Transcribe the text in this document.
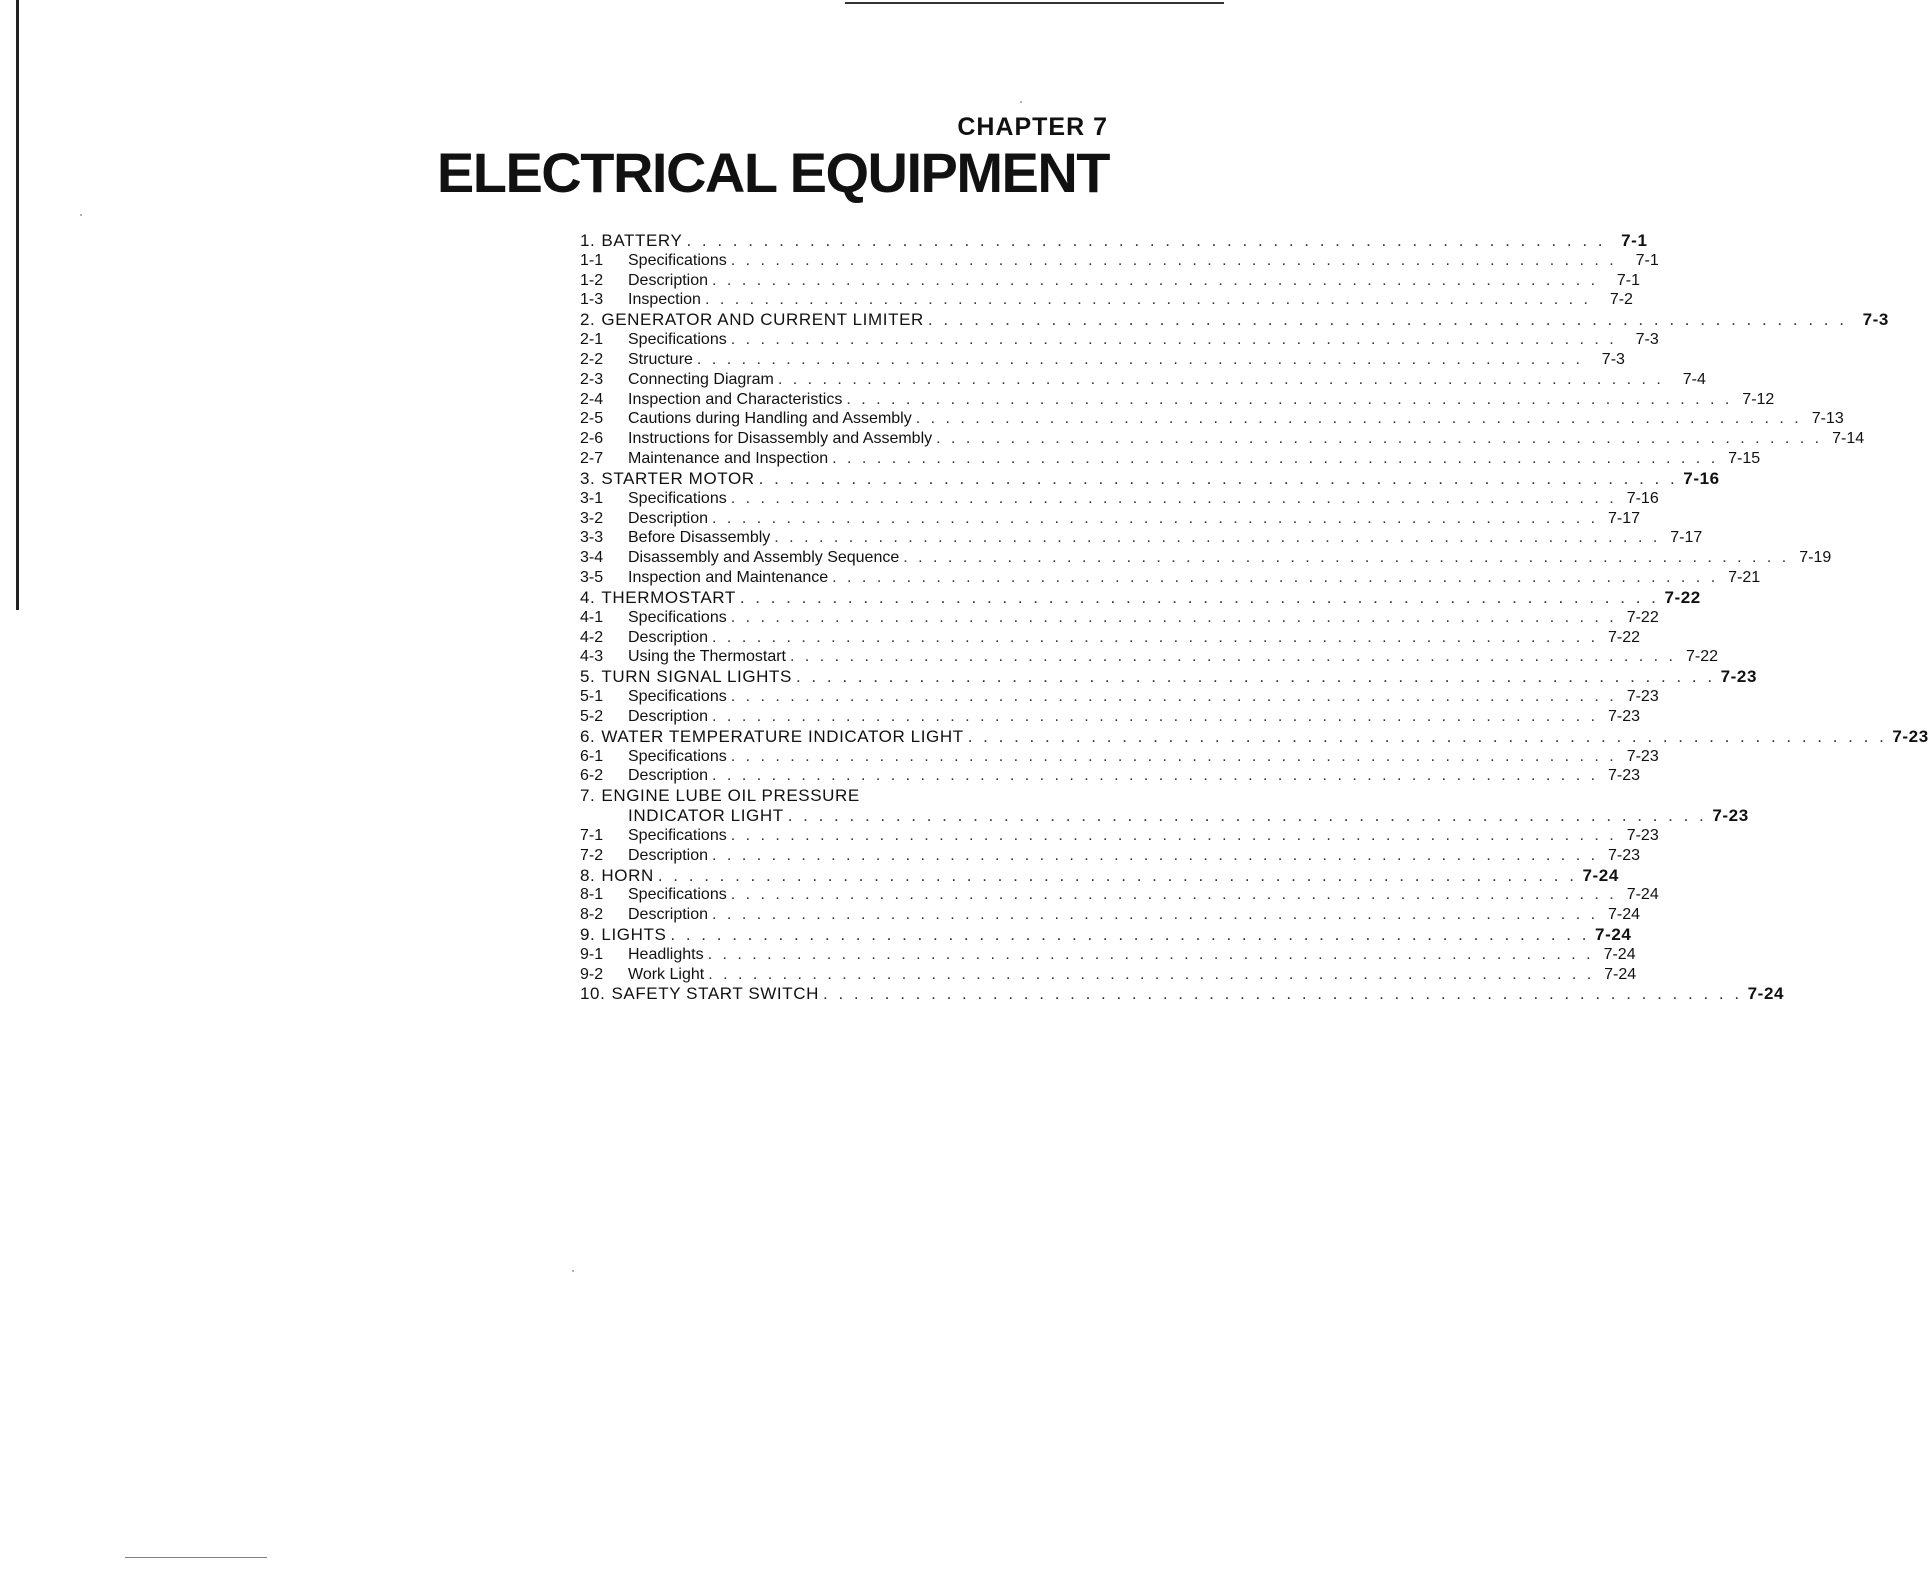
CHAPTER 7
ELECTRICAL EQUIPMENT
1. BATTERY . . . . . . . . . . . . . . . . . . . . . . . . . . . . . . . . . . . . . . . . . . . . . . . . . . . . . . . . . . . . 7-1
1-1	Specifications . . . . . . . . . . . . . . . . . . . . . . . . . . . . . . . . . . . . . . . . . . . . . . . . . . . . . . . . . . . .	7-1
1-2	Description . . . . . . . . . . . . . . . . . . . . . . . . . . . . . . . . . . . . . . . . . . . . . . . . . . . . . . . . . . . .	7-1
1-3	Inspection . . . . . . . . . . . . . . . . . . . . . . . . . . . . . . . . . . . . . . . . . . . . . . . . . . . . . . . . . . . .	7-2
2. GENERATOR AND CURRENT LIMITER . . . . . . . . . . . . . . . . . . . . . . . . . . . . . . . . . . . . . . . . . . . . . . . . . . . . . . . . . . . . 7-3
2-1	Specifications . . . . . . . . . . . . . . . . . . . . . . . . . . . . . . . . . . . . . . . . . . . . . . . . . . . . . . . . . . . .	7-3
2-2	Structure . . . . . . . . . . . . . . . . . . . . . . . . . . . . . . . . . . . . . . . . . . . . . . . . . . . . . . . . . . . .	7-3
2-3	Connecting Diagram . . . . . . . . . . . . . . . . . . . . . . . . . . . . . . . . . . . . . . . . . . . . . . . . . . . . . . . . . . . .	7-4
2-4	Inspection and Characteristics . . . . . . . . . . . . . . . . . . . . . . . . . . . . . . . . . . . . . . . . . . . . . . . . . . . . . . . . . . . . 7-12
2-5	Cautions during Handling and Assembly . . . . . . . . . . . . . . . . . . . . . . . . . . . . . . . . . . . . . . . . . . . . . . . . . . . . . . . . . . . . 7-13
2-6	Instructions for Disassembly and Assembly . . . . . . . . . . . . . . . . . . . . . . . . . . . . . . . . . . . . . . . . . . . . . . . . . . . . . . . . . . . . 7-14
2-7	Maintenance and Inspection . . . . . . . . . . . . . . . . . . . . . . . . . . . . . . . . . . . . . . . . . . . . . . . . . . . . . . . . . . . . 7-15
3. STARTER MOTOR . . . . . . . . . . . . . . . . . . . . . . . . . . . . . . . . . . . . . . . . . . . . . . . . . . . . . . . . . . . . 7-16
3-1	Specifications . . . . . . . . . . . . . . . . . . . . . . . . . . . . . . . . . . . . . . . . . . . . . . . . . . . . . . . . . . . . 7-16
3-2	Description . . . . . . . . . . . . . . . . . . . . . . . . . . . . . . . . . . . . . . . . . . . . . . . . . . . . . . . . . . . . 7-17
3-3	Before Disassembly . . . . . . . . . . . . . . . . . . . . . . . . . . . . . . . . . . . . . . . . . . . . . . . . . . . . . . . . . . . . 7-17
3-4	Disassembly and Assembly Sequence . . . . . . . . . . . . . . . . . . . . . . . . . . . . . . . . . . . . . . . . . . . . . . . . . . . . . . . . . . . . 7-19
3-5	Inspection and Maintenance . . . . . . . . . . . . . . . . . . . . . . . . . . . . . . . . . . . . . . . . . . . . . . . . . . . . . . . . . . . . 7-21
4. THERMOSTART . . . . . . . . . . . . . . . . . . . . . . . . . . . . . . . . . . . . . . . . . . . . . . . . . . . . . . . . . . . . 7-22
4-1	Specifications . . . . . . . . . . . . . . . . . . . . . . . . . . . . . . . . . . . . . . . . . . . . . . . . . . . . . . . . . . . . 7-22
4-2	Description . . . . . . . . . . . . . . . . . . . . . . . . . . . . . . . . . . . . . . . . . . . . . . . . . . . . . . . . . . . . 7-22
4-3	Using the Thermostart . . . . . . . . . . . . . . . . . . . . . . . . . . . . . . . . . . . . . . . . . . . . . . . . . . . . . . . . . . . . 7-22
5. TURN SIGNAL LIGHTS . . . . . . . . . . . . . . . . . . . . . . . . . . . . . . . . . . . . . . . . . . . . . . . . . . . . . . . . . . . . 7-23
5-1	Specifications . . . . . . . . . . . . . . . . . . . . . . . . . . . . . . . . . . . . . . . . . . . . . . . . . . . . . . . . . . . . 7-23
5-2	Description . . . . . . . . . . . . . . . . . . . . . . . . . . . . . . . . . . . . . . . . . . . . . . . . . . . . . . . . . . . . 7-23
6. WATER TEMPERATURE INDICATOR LIGHT . . . . . . . . . . . . . . . . . . . . . . . . . . . . . . . . . . . . . . . . . . . . . . . . . . . . . . . . . . . . 7-23
6-1	Specifications . . . . . . . . . . . . . . . . . . . . . . . . . . . . . . . . . . . . . . . . . . . . . . . . . . . . . . . . . . . . 7-23
6-2	Description . . . . . . . . . . . . . . . . . . . . . . . . . . . . . . . . . . . . . . . . . . . . . . . . . . . . . . . . . . . . 7-23
7. ENGINE LUBE OIL PRESSURE
INDICATOR LIGHT . . . . . . . . . . . . . . . . . . . . . . . . . . . . . . . . . . . . . . . . . . . . . . . . . . . . . . . . . . . . 7-23
7-1	Specifications . . . . . . . . . . . . . . . . . . . . . . . . . . . . . . . . . . . . . . . . . . . . . . . . . . . . . . . . . . . . 7-23
7-2	Description . . . . . . . . . . . . . . . . . . . . . . . . . . . . . . . . . . . . . . . . . . . . . . . . . . . . . . . . . . . . 7-23
8. HORN . . . . . . . . . . . . . . . . . . . . . . . . . . . . . . . . . . . . . . . . . . . . . . . . . . . . . . . . . . . . 7-24
8-1	Specifications . . . . . . . . . . . . . . . . . . . . . . . . . . . . . . . . . . . . . . . . . . . . . . . . . . . . . . . . . . . . 7-24
8-2	Description . . . . . . . . . . . . . . . . . . . . . . . . . . . . . . . . . . . . . . . . . . . . . . . . . . . . . . . . . . . . 7-24
9. LIGHTS . . . . . . . . . . . . . . . . . . . . . . . . . . . . . . . . . . . . . . . . . . . . . . . . . . . . . . . . . . . . 7-24
9-1	Headlights . . . . . . . . . . . . . . . . . . . . . . . . . . . . . . . . . . . . . . . . . . . . . . . . . . . . . . . . . . . . 7-24
9-2	Work Light . . . . . . . . . . . . . . . . . . . . . . . . . . . . . . . . . . . . . . . . . . . . . . . . . . . . . . . . . . . . 7-24
10. SAFETY START SWITCH . . . . . . . . . . . . . . . . . . . . . . . . . . . . . . . . . . . . . . . . . . . . . . . . . . . . . . . . . . . . 7-24
